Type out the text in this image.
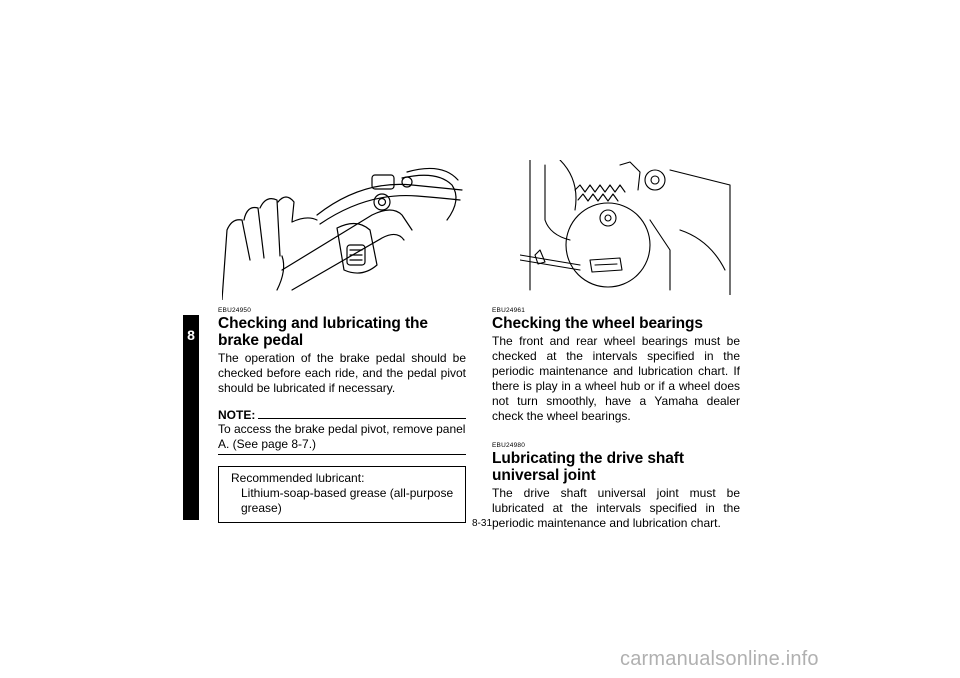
8
EBU24950
Checking and lubricating the brake pedal

The operation of the brake pedal should be checked before each ride, and the pedal pivot should be lubricated if necessary.

NOTE:
To access the brake pedal pivot, remove panel A. (See page 8-7.)
Recommended lubricant:
Lithium-soap-based grease (all-purpose grease)
EBU24961
Checking the wheel bearings

The front and rear wheel bearings must be checked at the intervals specified in the periodic maintenance and lubrication chart. If there is play in a wheel hub or if a wheel does not turn smoothly, have a Yamaha dealer check the wheel bearings.

EBU24980
Lubricating the drive shaft universal joint

The drive shaft universal joint must be lubricated at the intervals specified in the periodic maintenance and lubrication chart.

8-31
carmanualsonline.info
